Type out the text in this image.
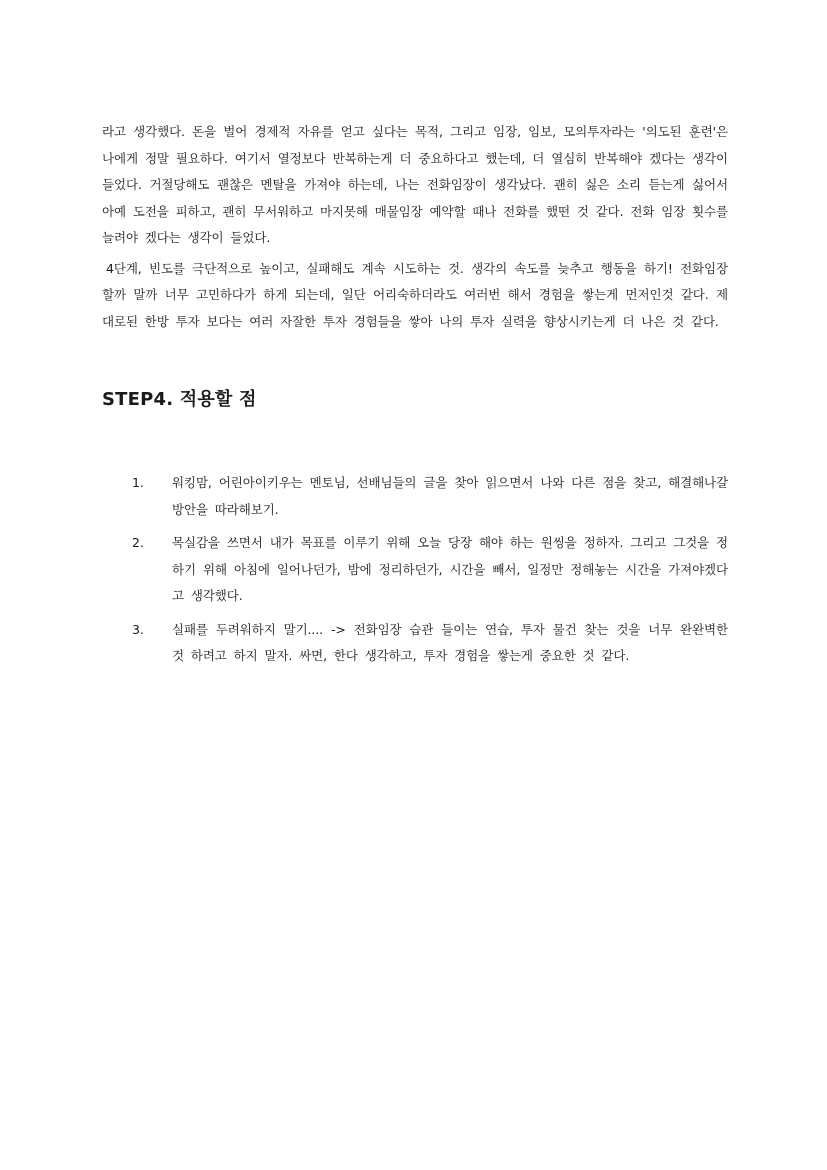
라고 생각했다. 돈을 벌어 경제적 자유를 얻고 싶다는 목적, 그리고 임장, 임보, 모의투자라는 '의도된 훈련'은 나에게 정말 필요하다. 여기서 열정보다 반복하는게 더 중요하다고 했는데, 더 열심히 반복해야 겠다는 생각이 들었다. 거절당해도 괜찮은 멘탈을 가져야 하는데, 나는 전화임장이 생각났다. 괜히 싫은 소리 듣는게 싫어서 아예 도전을 피하고, 괜히 무서워하고 마지못해 매물임장 예약할 때나 전화를 했떤 것 같다. 전화 임장 횟수를 늘려야 겠다는 생각이 들었다.

4단계, 빈도를 극단적으로 높이고, 실패해도 계속 시도하는 것. 생각의 속도를 늦추고 행동을 하기! 전화임장 할까 말까 너무 고민하다가 하게 되는데, 일단 어리숙하더라도 여러번 해서 경험을 쌓는게 먼저인것 같다. 제대로된 한방 투자 보다는 여러 자잘한 투자 경험들을 쌓아 나의 투자 실력을 향상시키는게 더 나은 것 같다.

STEP4. 적용할 점
1.	워킹맘, 어린아이키우는 멘토님, 선배님들의 글을 찾아 읽으면서 나와 다른 점을 찾고, 해결해나갈 방안을 따라해보기.
2.	목실감을 쓰면서 내가 목표를 이루기 위해 오늘 당장 해야 하는 원씽을 정하자. 그리고 그것을 정하기 위해 아침에 일어나던가, 밤에 정리하던가, 시간을 빼서, 일정만 정해놓는 시간을 가져야겠다고 생각했다.
3.	실패를 두려워하지 말기.... -> 전화임장 습관 들이는 연습, 투자 물건 찾는 것을 너무 완완벽한 것 하려고 하지 말자. 싸면, 한다 생각하고, 투자 경험을 쌓는게 중요한 것 같다.
